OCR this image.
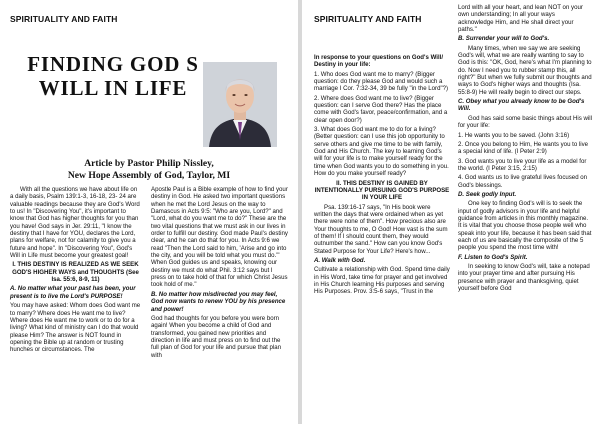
SPIRITUALITY AND FAITH
FINDING GOD S
WILL IN LIFE
Article by Pastor Philip Nissley,
New Hope Assembly of God, Taylor, MI

With all the questions we have about life on a daily basis, Psalm 139:1-3, 16-18, 23- 24 are valuable readings because they are God's Word to us! In "Discovering You", it's important to know that God has higher thoughts for you than you have! God says in Jer. 29:11, "I know the destiny that I have for YOU, declares the Lord, plans for welfare, not for calamity to give you a future and hope". In "Discovering You", God's Will in Life must become your greatest goal!

I. THIS DESTINY IS REALIZED AS WE SEEK GOD'S HIGHER WAYS and THOUGHTS (See Isa. 55:6, 8-9, 11)

A. No matter what your past has been, your present is to live the Lord's PURPOSE!

You may have asked: Whom does God want me to marry? Where does He want me to live? Where does He want me to work or to do for a living? What kind of ministry can I do that would please Him? The answer is NOT found in opening the Bible up at random or trusting hunches or circumstances. The

Apostle Paul is a Bible example of how to find your destiny in God. He asked two important questions when he met the Lord Jesus on the way to Damascus in Acts 9:5: "Who are you, Lord?" and "Lord, what do you want me to do?" These are the two vital questions that we must ask in our lives in order to fulfill our destiny. God made Paul's destiny clear, and he can do that for you. In Acts 9:6 we read "Then the Lord said to him, 'Arise and go into the city, and you will be told what you must do.'" When God guides us and speaks, knowing our destiny we must do what Phil. 3:12 says but I press on to take hold of that for which Christ Jesus took hold of me."

B. No matter how misdirected you may feel, God now wants to renew YOU by his presence and power!

God had thoughts for you before you were born again! When you become a child of God and transformed, you gained new priorities and direction in life and must press on to find out the full plan of God for your life and pursue that plan with

SPIRITUALITY AND FAITH

In response to your questions on God's Will/ Destiny in your life:

1. Who does God want me to marry? (Bigger question: do they please God and would such a marriage I Cor. 7:32-34, 39 be fully "in the Lord"?)

2. Where does God want me to live? (Bigger question: can I serve God there? Has the place come with God's favor, peace/confirmation, and a clear open door?)

3. What does God want me to do for a living? (Better question: can I use this job opportunity to serve others and give me time to be with family, God and His Church. The key to learning God's will for your life is to make yourself ready for the time when God wants you to do something in you. How do you make yourself ready?

II. THIS DESTINY IS GAINED BY INTENTIONALLY PURSUING GOD'S PURPOSE IN YOUR LIFE

Psa. 139:16-17 says, "In His book were written the days that were ordained when as yet there were none of them". How precious also are Your thoughts to me, O God! How vast is the sum of them! If I should count them, they would outnumber the sand." How can you know God's Stated Purpose for Your Life? Here's how...

A. Walk with God.

Cultivate a relationship with God. Spend time daily in His Word, take time for prayer and get involved in His Church learning His purposes and serving His Purposes. Prov. 3:5-6 says, "Trust in the

Lord with all your heart, and lean NOT on your own understanding; In all your ways acknowledge Him, and He shall direct your paths."

B. Surrender your will to God's.

Many times, when we say we are seeking God's will, what we are really wanting to say to God is this: "OK, God, here's what I'm planning to do. Now I need you to rubber stamp this, all right?" But when we fully submit our thoughts and ways to God's higher ways and thoughts (Isa. 55:8-9) He will really begin to direct our steps.

C. Obey what you already know to be God's Will.

God has said some basic things about His will for your life:

1. He wants you to be saved. (John 3:16)

2. Once you belong to Him, He wants you to live a special kind of life. (I Peter 2:9)

3. God wants you to live your life as a model for the world. (I Peter 3:15, 2:15)

4. God wants us to live grateful lives focused on God's blessings.

D. Seek godly Input.

One key to finding God's will is to seek the input of godly advisors in your life and helpful guidance from articles in this monthly magazine. It is vital that you choose those people well who speak into your life, because it has been said that each of us are basically the composite of the 5 people you spend the most time with!

F. Listen to God's Spirit.

In seeking to know God's will, take a notepad into your prayer time and after pursuing His presence with prayer and thanksgiving, quiet yourself before God
